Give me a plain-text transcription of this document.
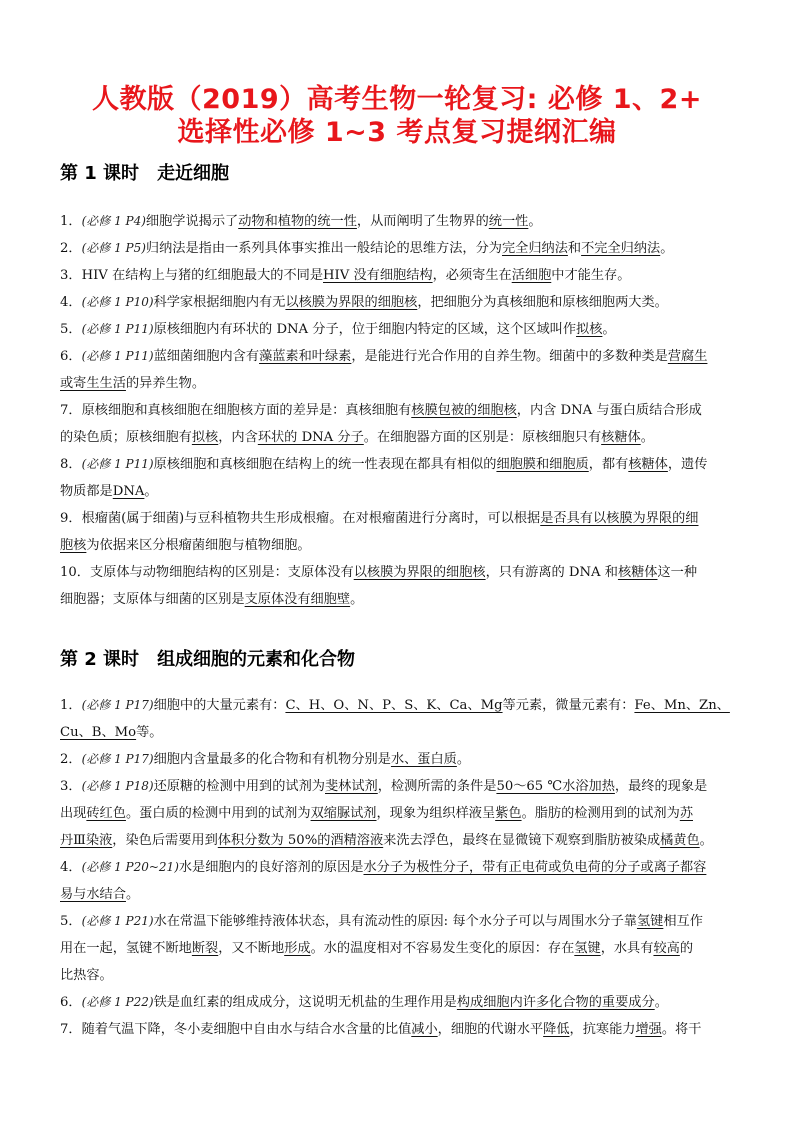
人教版（2019）高考生物一轮复习: 必修 1、2+
选择性必修 1~3 考点复习提纲汇编
第 1 课时 走近细胞
1．(必修 1 P4)细胞学说揭示了动物和植物的统一性，从而阐明了生物界的统一性。
2．(必修 1 P5)归纳法是指由一系列具体事实推出一般结论的思维方法，分为完全归纳法和不完全归纳法。
3．HIV 在结构上与猪的红细胞最大的不同是HIV 没有细胞结构，必须寄生在活细胞中才能生存。
4．(必修 1 P10)科学家根据细胞内有无以核膜为界限的细胞核，把细胞分为真核细胞和原核细胞两大类。
5．(必修 1 P11)原核细胞内有环状的 DNA 分子，位于细胞内特定的区域，这个区域叫作拟核。
6．(必修 1 P11)蓝细菌细胞内含有藻蓝素和叶绿素，是能进行光合作用的自养生物。细菌中的多数种类是营腐生
或寄生生活的异养生物。
7．原核细胞和真核细胞在细胞核方面的差异是：真核细胞有核膜包被的细胞核，内含 DNA 与蛋白质结合形成
的染色质；原核细胞有拟核，内含环状的 DNA 分子。在细胞器方面的区别是：原核细胞只有核糖体。
8．(必修 1 P11)原核细胞和真核细胞在结构上的统一性表现在都具有相似的细胞膜和细胞质，都有核糖体，遗传
物质都是DNA。
9．根瘤菌(属于细菌)与豆科植物共生形成根瘤。在对根瘤菌进行分离时，可以根据是否具有以核膜为界限的细
胞核为依据来区分根瘤菌细胞与植物细胞。
10．支原体与动物细胞结构的区别是：支原体没有以核膜为界限的细胞核，只有游离的 DNA 和核糖体这一种
细胞器；支原体与细菌的区别是支原体没有细胞壁。
第 2 课时 组成细胞的元素和化合物
1．(必修 1 P17)细胞中的大量元素有：C、H、O、N、P、S、K、Ca、Mg等元素，微量元素有：Fe、Mn、Zn、
Cu、B、Mo等。
2．(必修 1 P17)细胞内含量最多的化合物和有机物分别是水、蛋白质。
3．(必修 1 P18)还原糖的检测中用到的试剂为斐林试剂，检测所需的条件是50～65 ℃水浴加热，最终的现象是
出现砖红色。蛋白质的检测中用到的试剂为双缩脲试剂，现象为组织样液呈紫色。脂肪的检测用到的试剂为苏
丹Ⅲ染液，染色后需要用到体积分数为 50%的酒精溶液来洗去浮色，最终在显微镜下观察到脂肪被染成橘黄色。
4．(必修 1 P20~21)水是细胞内的良好溶剂的原因是水分子为极性分子，带有正电荷或负电荷的分子或离子都容
易与水结合。
5．(必修 1 P21)水在常温下能够维持液体状态，具有流动性的原因: 每个水分子可以与周围水分子靠氢键相互作
用在一起，氢键不断地断裂，又不断地形成。水的温度相对不容易发生变化的原因：存在氢键，水具有较高的
比热容。
6．(必修 1 P22)铁是血红素的组成成分，这说明无机盐的生理作用是构成细胞内许多化合物的重要成分。
7．随着气温下降，冬小麦细胞中自由水与结合水含量的比值减小，细胞的代谢水平降低，抗寒能力增强。将干
